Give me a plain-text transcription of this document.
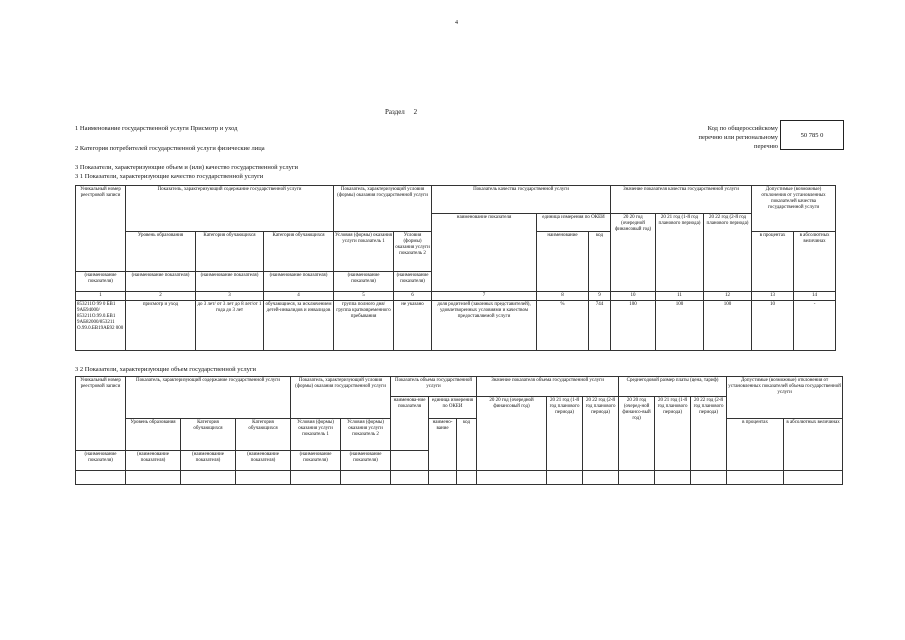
4
Раздел 2
1 Наименование государственной услуги Присмотр и уход
2 Категория потребителей государственной услуги физические лица
3 Показатели, характеризующие объем и (или) качество государственной услуги
3 1 Показатели, характеризующие качество государственной услуги
Код по общероссийскому перечню или региональному перечню
50 785 0
Уникальный номер реестровой записи	Показатель, характеризующий содержание государственной услуги			Показатель, характеризующий условия (формы) оказания государственной услуги		Показатель качества государственной услуги			Значение показателя качества государственной услуги			Допустимые (возможные) отклонения от установленных показателей качества государственной услуги	
						наименование показателя	единица измерения по ОКЕИ		20 20 год (очередной финансовый год)	20 21 год (1-й год планового периода)	20 22 год (2-й год планового периода)		
	Уровень образования	Категория обучающихся	Категория обучающихся	Условия (формы) оказания услуги показатель 1	Условия (формы) оказания услуги показатель 2		наименование	код				в процентах	в абсолютных величинах
(наименование показателя)	(наименование показателя)	(наименование показателя)	(наименование показателя)	(наименование показателя)	(наименование показателя)								
1	2	3	4	5	6	7	8	9	10	11	12	13	14
853211О 99 0 БВ1 9АБ94000/ 853211О.99.0.БВ1 9АБ82000/853211 О.99.0.БВ19АБ92 000	присмотр и уход	до 3 лет/ от 3 лет до 8 лет/от 1 года до 3 лет	обучающиеся, за исключением детей-инвалидов и инвалидов	группа полного дня/группа кратковременного пребывания	не указано	доля родителей (законных представителей), удовлетворенных условиями и качеством предоставляемой услуги	%	744	100	100	100	10	-
3 2 Показатели, характеризующие объем государственной услуги
Уникальный номер реестровой записи	Показатель, характеризующий содержание государственной услуги			Показатель, характеризующий условия (формы) оказания государственной услуги		Показатель объема государственной услуги			Значение показателя объема государственной услуги			Среднегодовой размер платы (цена, тариф)			Допустимые (возможные) отклонения от установленных показателей объема государственной услуги	
						наименова-ние показателя	единица измерения по ОКЕИ		20 20 год (очередной финансовый год)	20 21 год (1-й год планового периода)	20 22 год (2-й год планового периода)	20 20 год (очеред-ной финансо-вый год)	20 21 год (1-й год планового периода)	20 22 год (2-й год планового периода)		
	Уровень образования	Категория обучающихся	Категория обучающихся	Условия (формы) оказания услуги показатель 1	Условия (формы) оказания услуги показатель 2		наимено-вание	код							в процентах	в абсолютных величинах
(наименование показателя)	(наименование показателя)	(наименование показателя)	(наименование показателя)	(наименование показателя)	(наименование показателя)											
